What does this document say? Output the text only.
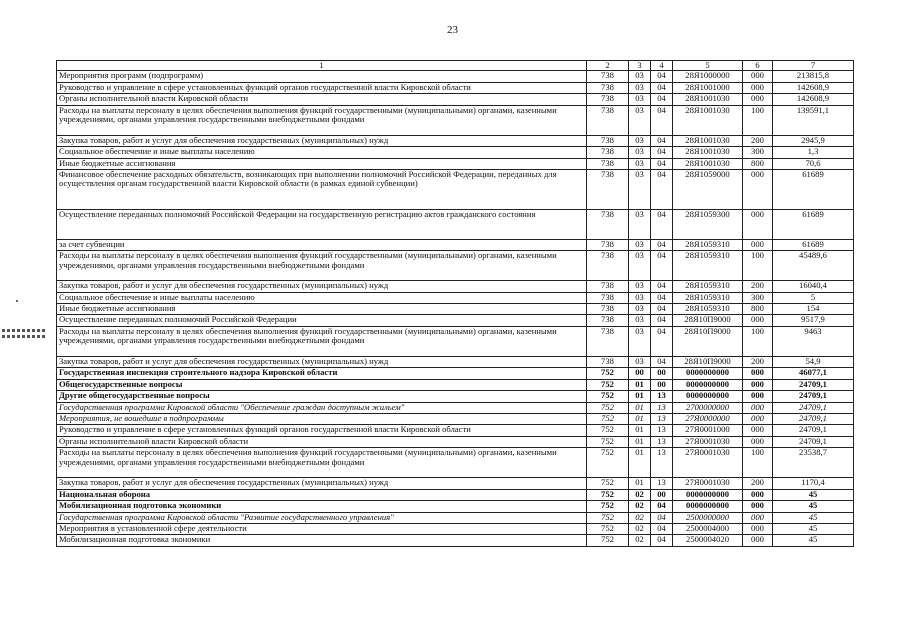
23
1	2	3	4	5	6	7
Мероприятия программ (подпрограмм)	738	03	04	28Я1000000	000	213815,8
Руководство и управление в сфере установленных функций органов государственной власти Кировской области	738	03	04	28Я1001000	000	142608,9
Органы исполнительной власти Кировской области	738	03	04	28Я1001030	000	142608,9
Расходы на выплаты персоналу в целях обеспечения выполнения функций государственными (муниципальными) органами, казенными учреждениями, органами управления государственными внебюджетными фондами	738	03	04	28Я1001030	100	139591,1
Закупка товаров, работ и услуг для обеспечения государственных (муниципальных) нужд	738	03	04	28Я1001030	200	2945,9
Социальное обеспечение и иные выплаты населению	738	03	04	28Я1001030	300	1,3
Иные бюджетные ассигнования	738	03	04	28Я1001030	800	70,6
Финансовое обеспечение расходных обязательств, возникающих при выполнении полномочий Российской Федерации, переданных для осуществления органам государственной власти Кировской области (в рамках единой субвенции)	738	03	04	28Я1059000	000	61689
Осуществление переданных полномочий Российской Федерации на государственную регистрацию актов гражданского состояния	738	03	04	28Я1059300	000	61689
за счет субвенции	738	03	04	28Я1059310	000	61689
Расходы на выплаты персоналу в целях обеспечения выполнения функций государственными (муниципальными) органами, казенными учреждениями, органами управления государственными внебюджетными фондами	738	03	04	28Я1059310	100	45489,6
Закупка товаров, работ и услуг для обеспечения государственных (муниципальных) нужд	738	03	04	28Я1059310	200	16040,4
Социальное обеспечение и иные выплаты населению	738	03	04	28Я1059310	300	5
Иные бюджетные ассигнования	738	03	04	28Я1059310	800	154
Осуществление переданных полномочий Российской Федерации	738	03	04	28Я10П9000	000	9517,9
Расходы на выплаты персоналу в целях обеспечения выполнения функций государственными (муниципальными) органами, казенными учреждениями, органами управления государственными внебюджетными фондами	738	03	04	28Я10П9000	100	9463
Закупка товаров, работ и услуг для обеспечения государственных (муниципальных) нужд	738	03	04	28Я10П9000	200	54,9
Государственная инспекция строительного надзора Кировской области	752	00	00	0000000000	000	46077,1
Общегосударственные вопросы	752	01	00	0000000000	000	24709,1
Другие общегосударственные вопросы	752	01	13	0000000000	000	24709,1
Государственная программа Кировской области "Обеспечение граждан доступным жильем"	752	01	13	2700000000	000	24709,1
Мероприятия, не вошедшие в подпрограммы	752	01	13	27Я0000000	000	24709,1
Руководство и управление в сфере установленных функций органов государственной власти Кировской области	752	01	13	27Я0001000	000	24709,1
Органы исполнительной власти Кировской области	752	01	13	27Я0001030	000	24709,1
Расходы на выплаты персоналу в целях обеспечения выполнения функций государственными (муниципальными) органами, казенными учреждениями, органами управления государственными внебюджетными фондами	752	01	13	27Я0001030	100	23538,7
Закупка товаров, работ и услуг для обеспечения государственных (муниципальных) нужд	752	01	13	27Я0001030	200	1170,4
Национальная оборона	752	02	00	0000000000	000	45
Мобилизационная подготовка экономики	752	02	04	0000000000	000	45
Государственная программа Кировской области "Развитие государственного управления"	752	02	04	2500000000	000	45
Мероприятия в установленной сфере деятельности	752	02	04	2500004000	000	45
Мобилизационная подготовка экономики	752	02	04	2500004020	000	45
